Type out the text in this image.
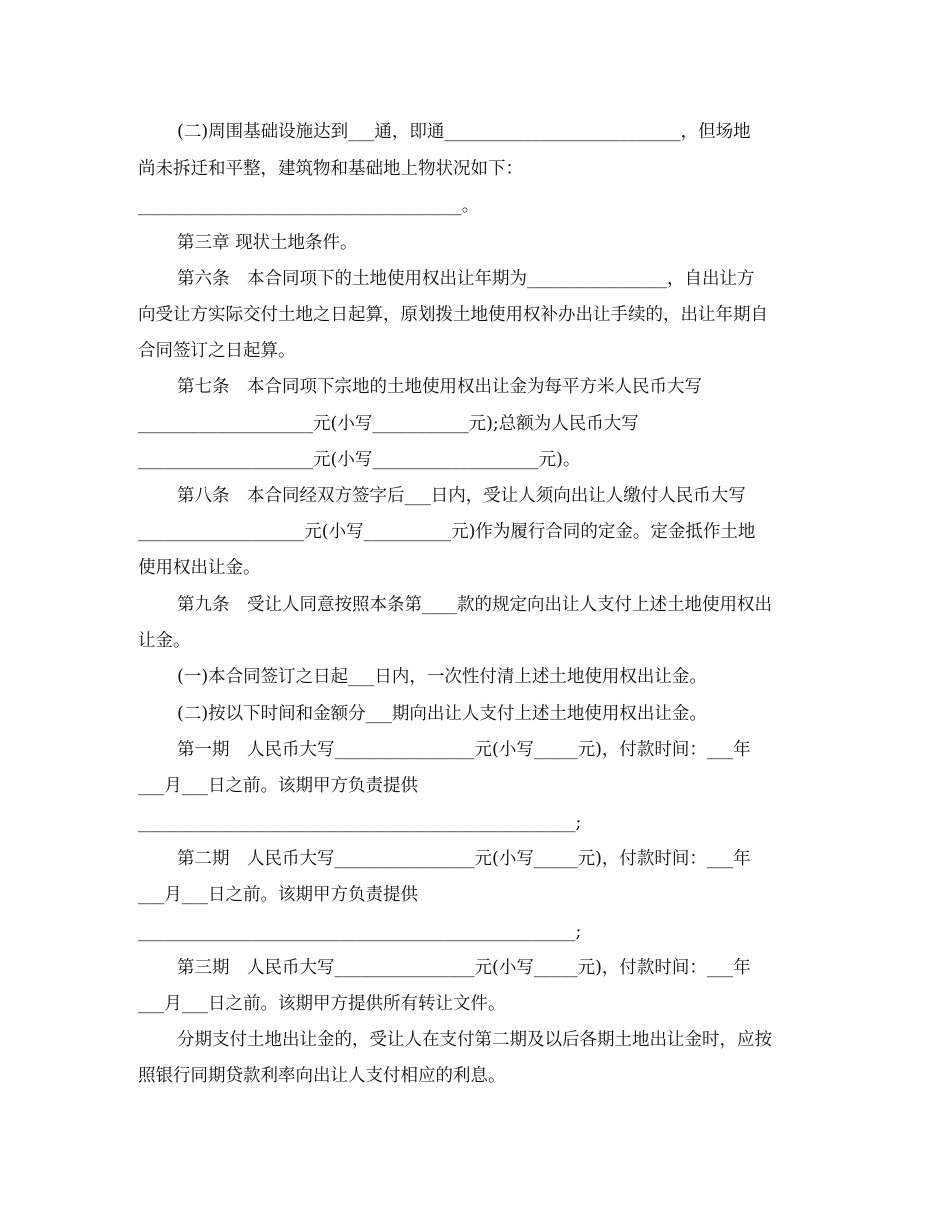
(二)周围基础设施达到___通，即通___________________________，但场地
尚未拆迁和平整，建筑物和基础地上物状况如下：
_____________________________________。
第三章 现状土地条件。
第六条　本合同项下的土地使用权出让年期为________________，自出让方
向受让方实际交付土地之日起算，原划拨土地使用权补办出让手续的，出让年期自
合同签订之日起算。
第七条　本合同项下宗地的土地使用权出让金为每平方米人民币大写
____________________元(小写___________元);总额为人民币大写
____________________元(小写___________________元)。
第八条　本合同经双方签字后___日内，受让人须向出让人缴付人民币大写
___________________元(小写__________元)作为履行合同的定金。定金抵作土地
使用权出让金。
第九条　受让人同意按照本条第____款的规定向出让人支付上述土地使用权出
让金。
(一)本合同签订之日起___日内，一次性付清上述土地使用权出让金。
(二)按以下时间和金额分___期向出让人支付上述土地使用权出让金。
第一期　人民币大写________________元(小写_____元)，付款时间：___年
___月___日之前。该期甲方负责提供
__________________________________________________;
第二期　人民币大写________________元(小写_____元)，付款时间：___年
___月___日之前。该期甲方负责提供
__________________________________________________;
第三期　人民币大写________________元(小写_____元)，付款时间：___年
___月___日之前。该期甲方提供所有转让文件。
分期支付土地出让金的，受让人在支付第二期及以后各期土地出让金时，应按
照银行同期贷款利率向出让人支付相应的利息。
